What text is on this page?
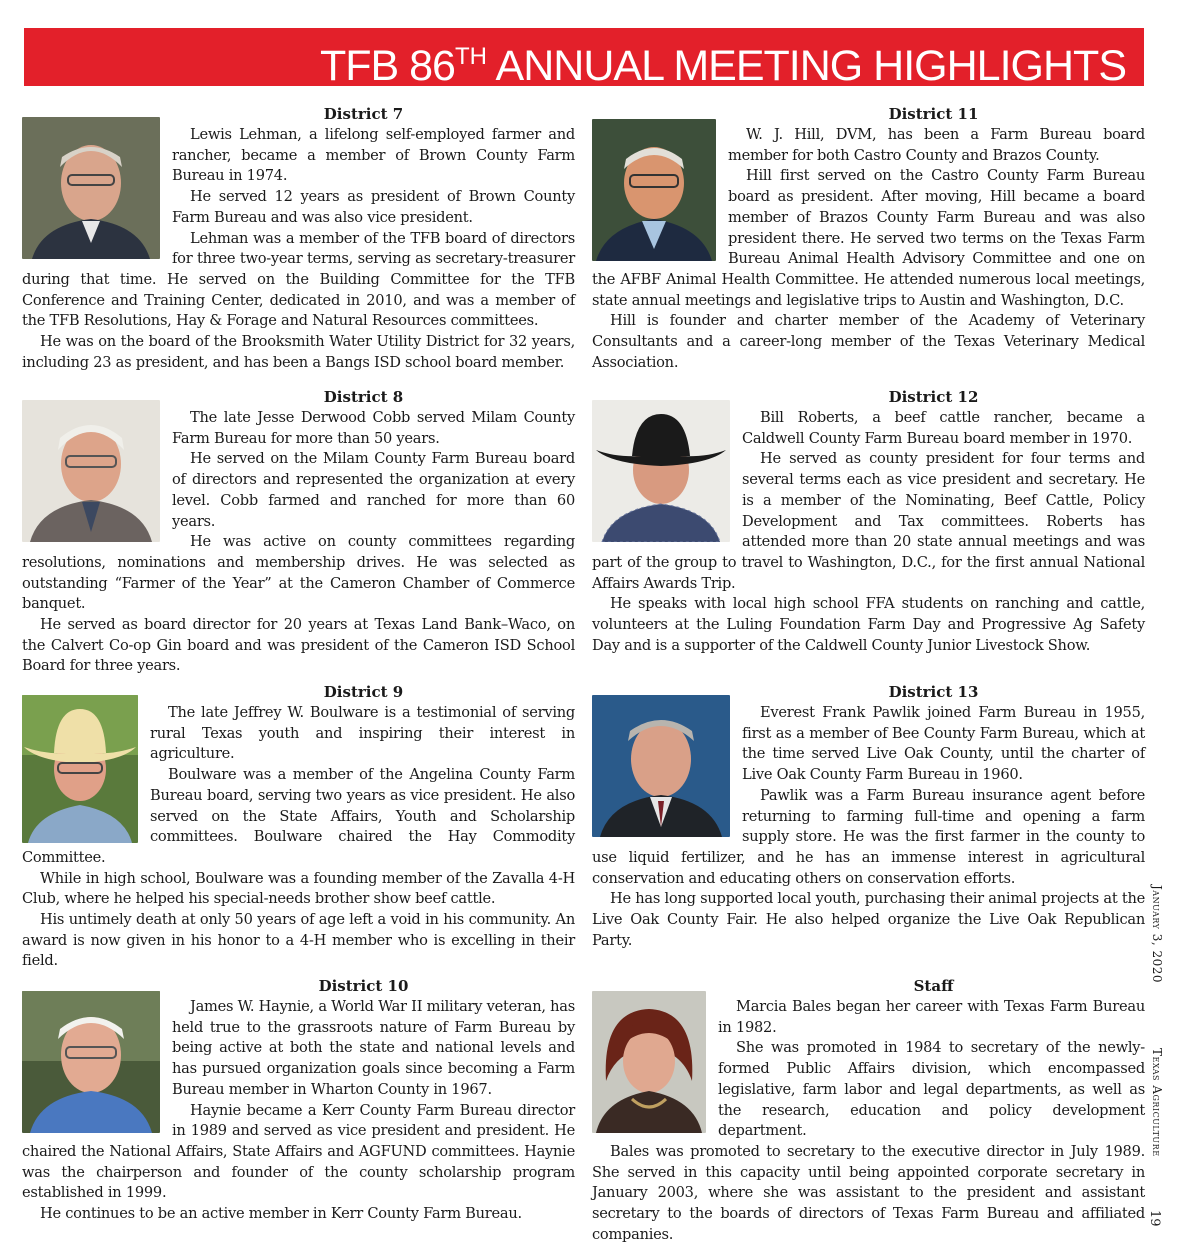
TFB 86TH ANNUAL MEETING HIGHLIGHTS
District 7

Lewis Lehman, a lifelong self-employed farmer and rancher, became a member of Brown County Farm Bureau in 1974.

He served 12 years as president of Brown County Farm Bureau and was also vice president.

Lehman was a member of the TFB board of directors for three two-year terms, serving as secretary-treasurer during that time. He served on the Building Committee for the TFB Conference and Training Center, dedicated in 2010, and was a member of the TFB Resolutions, Hay & Forage and Natural Resources committees.

He was on the board of the Brooksmith Water Utility District for 32 years, including 23 as president, and has been a Bangs ISD school board member.

District 11

W. J. Hill, DVM, has been a Farm Bureau board member for both Castro County and Brazos County.

Hill first served on the Castro County Farm Bureau board as president. After moving, Hill became a board member of Brazos County Farm Bureau and was also president there. He served two terms on the Texas Farm Bureau Animal Health Advisory Committee and one on the AFBF Animal Health Committee. He attended numerous local meetings, state annual meetings and legislative trips to Austin and Washington, D.C.

Hill is founder and charter member of the Academy of Veterinary Consultants and a career-long member of the Texas Veterinary Medical Association.

District 8

The late Jesse Derwood Cobb served Milam County Farm Bureau for more than 50 years.

He served on the Milam County Farm Bureau board of directors and represented the organization at every level. Cobb farmed and ranched for more than 60 years.

He was active on county committees regarding resolutions, nominations and membership drives. He was selected as outstanding “Farmer of the Year” at the Cameron Chamber of Commerce banquet.

He served as board director for 20 years at Texas Land Bank–Waco, on the Calvert Co-op Gin board and was president of the Cameron ISD School Board for three years.

District 12

Bill Roberts, a beef cattle rancher, became a Caldwell County Farm Bureau board member in 1970.

He served as county president for four terms and several terms each as vice president and secretary. He is a member of the Nominating, Beef Cattle, Policy Development and Tax committees. Roberts has attended more than 20 state annual meetings and was part of the group to travel to Washington, D.C., for the first annual National Affairs Awards Trip.

He speaks with local high school FFA students on ranching and cattle, volunteers at the Luling Foundation Farm Day and Progressive Ag Safety Day and is a supporter of the Caldwell County Junior Livestock Show.

District 9

The late Jeffrey W. Boulware is a testimonial of serving rural Texas youth and inspiring their interest in agriculture.

Boulware was a member of the Angelina County Farm Bureau board, serving two years as vice president. He also served on the State Affairs, Youth and Scholarship committees. Boulware chaired the Hay Commodity Committee.

While in high school, Boulware was a founding member of the Zavalla 4-H Club, where he helped his special-needs brother show beef cattle.

His untimely death at only 50 years of age left a void in his community. An award is now given in his honor to a 4-H member who is excelling in their field.

District 13

Everest Frank Pawlik joined Farm Bureau in 1955, first as a member of Bee County Farm Bureau, which at the time served Live Oak County, until the charter of Live Oak County Farm Bureau in 1960.

Pawlik was a Farm Bureau insurance agent before returning to farming full-time and opening a farm supply store. He was the first farmer in the county to use liquid fertilizer, and he has an immense interest in agricultural conservation and educating others on conservation efforts.

He has long supported local youth, purchasing their animal projects at the Live Oak County Fair. He also helped organize the Live Oak Republican Party.

District 10

James W. Haynie, a World War II military veteran, has held true to the grassroots nature of Farm Bureau by being active at both the state and national levels and has pursued organization goals since becoming a Farm Bureau member in Wharton County in 1967.

Haynie became a Kerr County Farm Bureau director in 1989 and served as vice president and president. He chaired the National Affairs, State Affairs and AGFUND committees. Haynie was the chairperson and founder of the county scholarship program established in 1999.

He continues to be an active member in Kerr County Farm Bureau.

Staff

Marcia Bales began her career with Texas Farm Bureau in 1982.

She was promoted in 1984 to secretary of the newly-formed Public Affairs division, which encompassed legislative, farm labor and legal departments, as well as the research, education and policy development department.

Bales was promoted to secretary to the executive director in July 1989. She served in this capacity until being appointed corporate secretary in January 2003, where she was assistant to the president and assistant secretary to the boards of directors of Texas Farm Bureau and affiliated companies.

January 3, 2020
Texas Agriculture
19
